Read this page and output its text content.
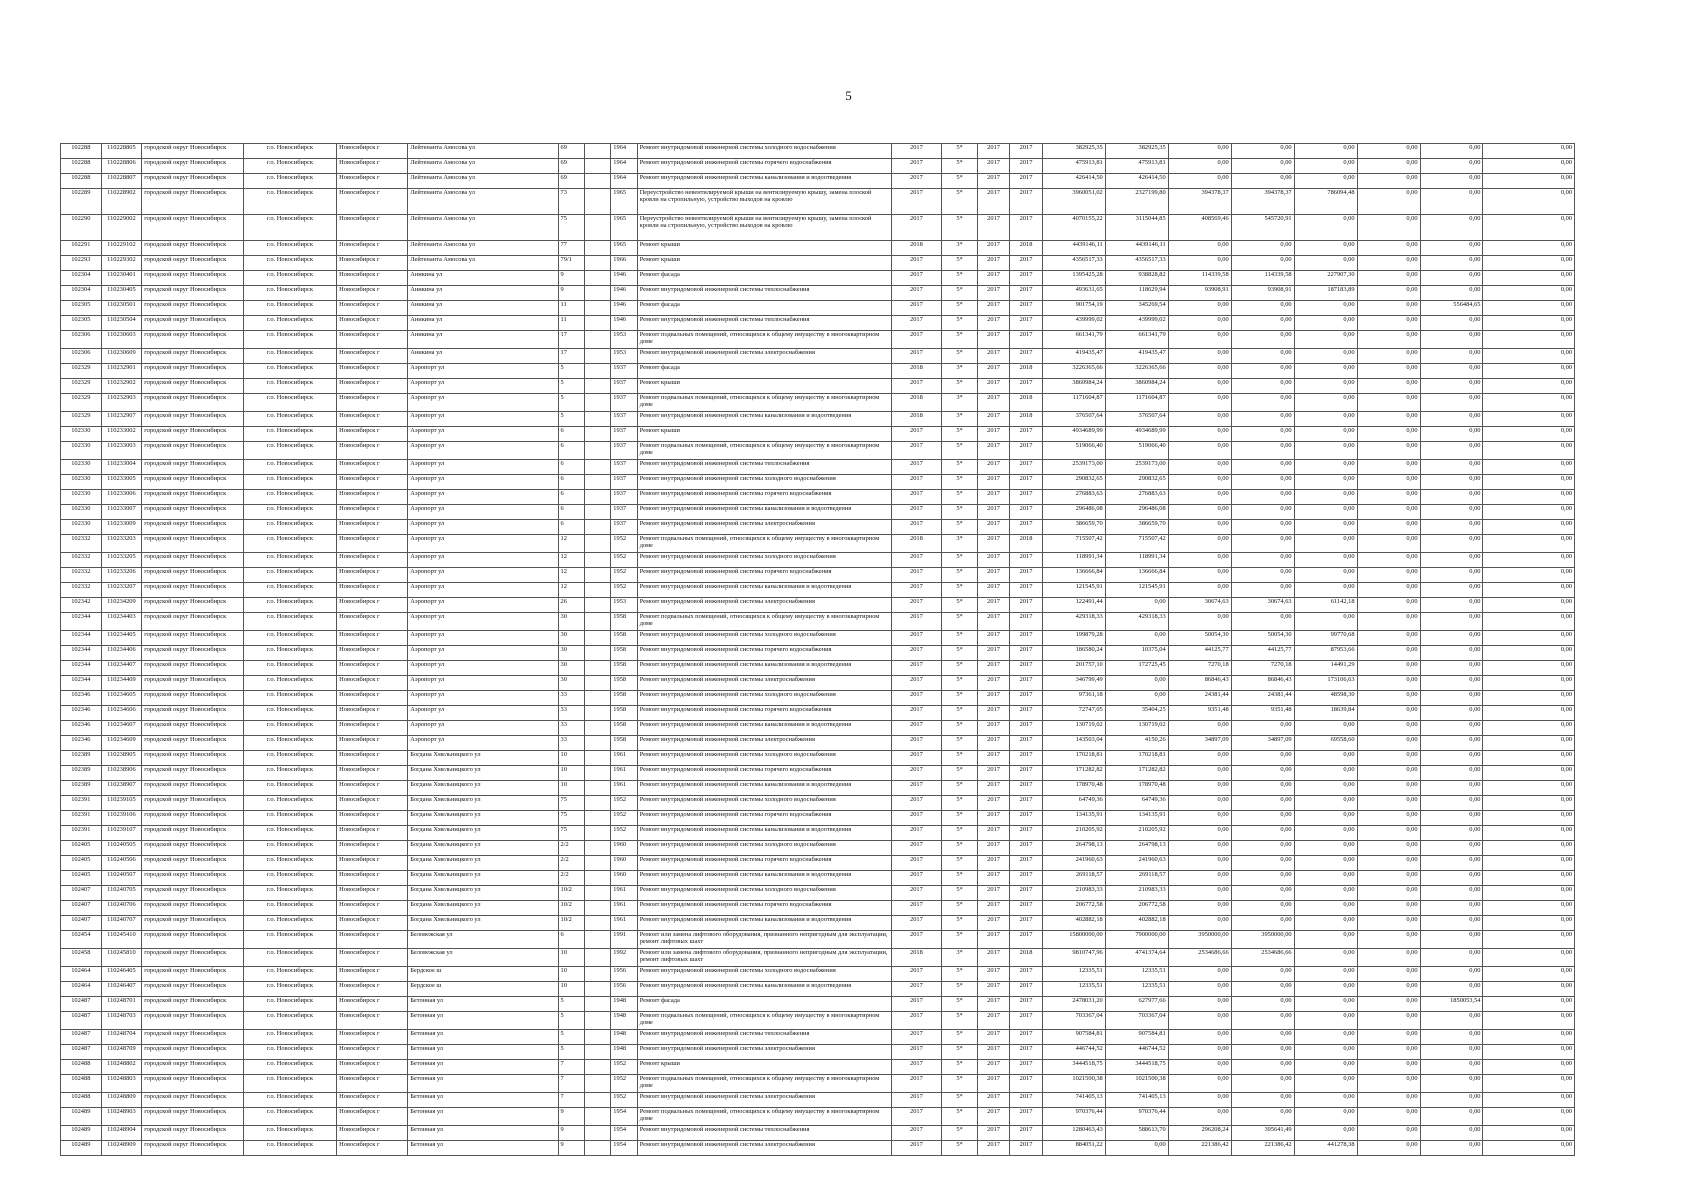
5
102288	110228805	городской округ Новосибирск	г.о. Новосибирск	Новосибирск г	Лейтенанта Амосова ул	69		1964	Ремонт внутридомовой инженерной системы холодного водоснабжения	2017	5*	2017	2017	382925,35	382925,35	0,00	0,00	0,00	0,00	0,00	0,00
102288	110228806	городской округ Новосибирск	г.о. Новосибирск	Новосибирск г	Лейтенанта Амосова ул	69		1964	Ремонт внутридомовой инженерной системы горячего водоснабжения	2017	5*	2017	2017	475913,81	475913,81	0,00	0,00	0,00	0,00	0,00	0,00
102288	110228807	городской округ Новосибирск	г.о. Новосибирск	Новосибирск г	Лейтенанта Амосова ул	69		1964	Ремонт внутридомовой инженерной системы канализования и водоотведения	2017	5*	2017	2017	426414,50	426414,50	0,00	0,00	0,00	0,00	0,00	0,00
102289	110228902	городской округ Новосибирск	г.о. Новосибирск	Новосибирск г	Лейтенанта Амосова ул	73		1965	Переустройство невентилируемой крыши на вентилируемую крышу, замена плоской кровли на стропильную, устройство выходов на кровлю	2017	5*	2017	2017	3960051,02	2327199,80	394378,37	394378,37	786094,48	0,00	0,00	0,00
102290	110229002	городской округ Новосибирск	г.о. Новосибирск	Новосибирск г	Лейтенанта Амосова ул	75		1965	Переустройство невентилируемой крыши на вентилируемую крышу, замена плоской кровли на стропильную, устройство выходов на кровлю	2017	5*	2017	2017	4070155,22	3115044,85	408569,46	545720,91	0,00	0,00	0,00	0,00
102291	110229102	городской округ Новосибирск	г.о. Новосибирск	Новосибирск г	Лейтенанта Амосова ул	77		1965	Ремонт крыши	2018	3*	2017	2018	4439146,11	4439146,11	0,00	0,00	0,00	0,00	0,00	0,00
102293	110229302	городской округ Новосибирск	г.о. Новосибирск	Новосибирск г	Лейтенанта Амосова ул	79/1		1966	Ремонт крыши	2017	5*	2017	2017	4356517,33	4356517,33	0,00	0,00	0,00	0,00	0,00	0,00
102304	110230401	городской округ Новосибирск	г.о. Новосибирск	Новосибирск г	Аникина ул	9		1946	Ремонт фасада	2017	5*	2017	2017	1395425,28	938828,82	114339,58	114339,58	227907,30	0,00	0,00	0,00
102304	110230405	городской округ Новосибирск	г.о. Новосибирск	Новосибирск г	Аникина ул	9		1946	Ремонт внутридомовой инженерной системы теплоснабжения	2017	5*	2017	2017	493631,65	118629,94	93908,91	93908,91	187183,89	0,00	0,00	0,00
102305	110230501	городской округ Новосибирск	г.о. Новосибирск	Новосибирск г	Аникина ул	11		1946	Ремонт фасада	2017	5*	2017	2017	901754,19	345269,54	0,00	0,00	0,00	0,00	556484,65	0,00
102305	110230504	городской округ Новосибирск	г.о. Новосибирск	Новосибирск г	Аникина ул	11		1946	Ремонт внутридомовой инженерной системы теплоснабжения	2017	5*	2017	2017	439999,02	439999,02	0,00	0,00	0,00	0,00	0,00	0,00
102306	110230603	городской округ Новосибирск	г.о. Новосибирск	Новосибирск г	Аникина ул	17		1953	Ремонт подвальных помещений, относящихся к общему имуществу в многоквартирном доме	2017	5*	2017	2017	661341,79	661341,79	0,00	0,00	0,00	0,00	0,00	0,00
102306	110230609	городской округ Новосибирск	г.о. Новосибирск	Новосибирск г	Аникина ул	17		1953	Ремонт внутридомовой инженерной системы электроснабжения	2017	5*	2017	2017	419435,47	419435,47	0,00	0,00	0,00	0,00	0,00	0,00
102329	110232901	городской округ Новосибирск	г.о. Новосибирск	Новосибирск г	Аэропорт ул	5		1937	Ремонт фасада	2018	3*	2017	2018	3226365,66	3226365,66	0,00	0,00	0,00	0,00	0,00	0,00
102329	110232902	городской округ Новосибирск	г.о. Новосибирск	Новосибирск г	Аэропорт ул	5		1937	Ремонт крыши	2017	5*	2017	2017	3860984,24	3860984,24	0,00	0,00	0,00	0,00	0,00	0,00
102329	110232903	городской округ Новосибирск	г.о. Новосибирск	Новосибирск г	Аэропорт ул	5		1937	Ремонт подвальных помещений, относящихся к общему имуществу в многоквартирном доме	2018	3*	2017	2018	1171604,87	1171604,87	0,00	0,00	0,00	0,00	0,00	0,00
102329	110232907	городской округ Новосибирск	г.о. Новосибирск	Новосибирск г	Аэропорт ул	5		1937	Ремонт внутридомовой инженерной системы канализования и водоотведения	2018	3*	2017	2018	376507,64	376507,64	0,00	0,00	0,00	0,00	0,00	0,00
102330	110233002	городской округ Новосибирск	г.о. Новосибирск	Новосибирск г	Аэропорт ул	6		1937	Ремонт крыши	2017	5*	2017	2017	4934689,99	4934689,99	0,00	0,00	0,00	0,00	0,00	0,00
102330	110233003	городской округ Новосибирск	г.о. Новосибирск	Новосибирск г	Аэропорт ул	6		1937	Ремонт подвальных помещений, относящихся к общему имуществу в многоквартирном доме	2017	5*	2017	2017	519066,40	519066,40	0,00	0,00	0,00	0,00	0,00	0,00
102330	110233004	городской округ Новосибирск	г.о. Новосибирск	Новосибирск г	Аэропорт ул	6		1937	Ремонт внутридомовой инженерной системы теплоснабжения	2017	5*	2017	2017	2539173,00	2539173,00	0,00	0,00	0,00	0,00	0,00	0,00
102330	110233005	городской округ Новосибирск	г.о. Новосибирск	Новосибирск г	Аэропорт ул	6		1937	Ремонт внутридомовой инженерной системы холодного водоснабжения	2017	5*	2017	2017	290832,65	290832,65	0,00	0,00	0,00	0,00	0,00	0,00
102330	110233006	городской округ Новосибирск	г.о. Новосибирск	Новосибирск г	Аэропорт ул	6		1937	Ремонт внутридомовой инженерной системы горячего водоснабжения	2017	5*	2017	2017	276883,63	276883,63	0,00	0,00	0,00	0,00	0,00	0,00
102330	110233007	городской округ Новосибирск	г.о. Новосибирск	Новосибирск г	Аэропорт ул	6		1937	Ремонт внутридомовой инженерной системы канализования и водоотведения	2017	5*	2017	2017	296486,08	296486,08	0,00	0,00	0,00	0,00	0,00	0,00
102330	110233009	городской округ Новосибирск	г.о. Новосибирск	Новосибирск г	Аэропорт ул	6		1937	Ремонт внутридомовой инженерной системы электроснабжения	2017	5*	2017	2017	386659,70	386659,70	0,00	0,00	0,00	0,00	0,00	0,00
102332	110233203	городской округ Новосибирск	г.о. Новосибирск	Новосибирск г	Аэропорт ул	12		1952	Ремонт подвальных помещений, относящихся к общему имуществу в многоквартирном доме	2018	3*	2017	2018	715507,42	715507,42	0,00	0,00	0,00	0,00	0,00	0,00
102332	110233205	городской округ Новосибирск	г.о. Новосибирск	Новосибирск г	Аэропорт ул	12		1952	Ремонт внутридомовой инженерной системы холодного водоснабжения	2017	5*	2017	2017	118991,34	118991,34	0,00	0,00	0,00	0,00	0,00	0,00
102332	110233206	городской округ Новосибирск	г.о. Новосибирск	Новосибирск г	Аэропорт ул	12		1952	Ремонт внутридомовой инженерной системы горячего водоснабжения	2017	5*	2017	2017	136666,84	136666,84	0,00	0,00	0,00	0,00	0,00	0,00
102332	110233207	городской округ Новосибирск	г.о. Новосибирск	Новосибирск г	Аэропорт ул	12		1952	Ремонт внутридомовой инженерной системы канализования и водоотведения	2017	5*	2017	2017	121545,91	121545,91	0,00	0,00	0,00	0,00	0,00	0,00
102342	110234209	городской округ Новосибирск	г.о. Новосибирск	Новосибирск г	Аэропорт ул	26		1953	Ремонт внутридомовой инженерной системы электроснабжения	2017	5*	2017	2017	122491,44	0,00	30674,63	30674,63	61142,18	0,00	0,00	0,00
102344	110234403	городской округ Новосибирск	г.о. Новосибирск	Новосибирск г	Аэропорт ул	30		1958	Ремонт подвальных помещений, относящихся к общему имуществу в многоквартирном доме	2017	5*	2017	2017	429318,33	429318,33	0,00	0,00	0,00	0,00	0,00	0,00
102344	110234405	городской округ Новосибирск	г.о. Новосибирск	Новосибирск г	Аэропорт ул	30		1958	Ремонт внутридомовой инженерной системы холодного водоснабжения	2017	5*	2017	2017	199879,28	0,00	50054,30	50054,30	99770,68	0,00	0,00	0,00
102344	110234406	городской округ Новосибирск	г.о. Новосибирск	Новосибирск г	Аэропорт ул	30		1958	Ремонт внутридомовой инженерной системы горячего водоснабжения	2017	5*	2017	2017	186580,24	10375,04	44125,77	44125,77	87953,66	0,00	0,00	0,00
102344	110234407	городской округ Новосибирск	г.о. Новосибирск	Новосибирск г	Аэропорт ул	30		1958	Ремонт внутридомовой инженерной системы канализования и водоотведения	2017	5*	2017	2017	201757,10	172725,45	7270,18	7270,18	14491,29	0,00	0,00	0,00
102344	110234409	городской округ Новосибирск	г.о. Новосибирск	Новосибирск г	Аэропорт ул	30		1958	Ремонт внутридомовой инженерной системы электроснабжения	2017	5*	2017	2017	346799,49	0,00	86846,43	86846,43	173106,63	0,00	0,00	0,00
102346	110234605	городской округ Новосибирск	г.о. Новосибирск	Новосибирск г	Аэропорт ул	33		1958	Ремонт внутридомовой инженерной системы холодного водоснабжения	2017	5*	2017	2017	97361,18	0,00	24381,44	24381,44	48598,30	0,00	0,00	0,00
102346	110234606	городской округ Новосибирск	г.о. Новосибирск	Новосибирск г	Аэропорт ул	33		1958	Ремонт внутридомовой инженерной системы горячего водоснабжения	2017	5*	2017	2017	72747,05	35404,25	9351,48	9351,48	18639,84	0,00	0,00	0,00
102346	110234607	городской округ Новосибирск	г.о. Новосибирск	Новосибирск г	Аэропорт ул	33		1958	Ремонт внутридомовой инженерной системы канализования и водоотведения	2017	5*	2017	2017	130719,02	130719,02	0,00	0,00	0,00	0,00	0,00	0,00
102346	110234609	городской округ Новосибирск	г.о. Новосибирск	Новосибирск г	Аэропорт ул	33		1958	Ремонт внутридомовой инженерной системы электроснабжения	2017	5*	2017	2017	143503,04	4150,26	34897,09	34897,09	69558,60	0,00	0,00	0,00
102389	110238905	городской округ Новосибирск	г.о. Новосибирск	Новосибирск г	Богдана Хмельницкого ул	10		1961	Ремонт внутридомовой инженерной системы холодного водоснабжения	2017	5*	2017	2017	170218,81	170218,81	0,00	0,00	0,00	0,00	0,00	0,00
102389	110238906	городской округ Новосибирск	г.о. Новосибирск	Новосибирск г	Богдана Хмельницкого ул	10		1961	Ремонт внутридомовой инженерной системы горячего водоснабжения	2017	5*	2017	2017	171282,82	171282,82	0,00	0,00	0,00	0,00	0,00	0,00
102389	110238907	городской округ Новосибирск	г.о. Новосибирск	Новосибирск г	Богдана Хмельницкого ул	10		1961	Ремонт внутридомовой инженерной системы канализования и водоотведения	2017	5*	2017	2017	178970,48	178970,48	0,00	0,00	0,00	0,00	0,00	0,00
102391	110239105	городской округ Новосибирск	г.о. Новосибирск	Новосибирск г	Богдана Хмельницкого ул	75		1952	Ремонт внутридомовой инженерной системы холодного водоснабжения	2017	5*	2017	2017	64749,36	64749,36	0,00	0,00	0,00	0,00	0,00	0,00
102391	110239106	городской округ Новосибирск	г.о. Новосибирск	Новосибирск г	Богдана Хмельницкого ул	75		1952	Ремонт внутридомовой инженерной системы горячего водоснабжения	2017	5*	2017	2017	134135,91	134135,91	0,00	0,00	0,00	0,00	0,00	0,00
102391	110239107	городской округ Новосибирск	г.о. Новосибирск	Новосибирск г	Богдана Хмельницкого ул	75		1952	Ремонт внутридомовой инженерной системы канализования и водоотведения	2017	5*	2017	2017	210205,92	210205,92	0,00	0,00	0,00	0,00	0,00	0,00
102405	110240505	городской округ Новосибирск	г.о. Новосибирск	Новосибирск г	Богдана Хмельницкого ул	2/2		1960	Ремонт внутридомовой инженерной системы холодного водоснабжения	2017	5*	2017	2017	264798,13	264798,13	0,00	0,00	0,00	0,00	0,00	0,00
102405	110240506	городской округ Новосибирск	г.о. Новосибирск	Новосибирск г	Богдана Хмельницкого ул	2/2		1960	Ремонт внутридомовой инженерной системы горячего водоснабжения	2017	5*	2017	2017	241960,63	241960,63	0,00	0,00	0,00	0,00	0,00	0,00
102405	110240507	городской округ Новосибирск	г.о. Новосибирск	Новосибирск г	Богдана Хмельницкого ул	2/2		1960	Ремонт внутридомовой инженерной системы канализования и водоотведения	2017	5*	2017	2017	269118,57	269118,57	0,00	0,00	0,00	0,00	0,00	0,00
102407	110240705	городской округ Новосибирск	г.о. Новосибирск	Новосибирск г	Богдана Хмельницкого ул	10/2		1961	Ремонт внутридомовой инженерной системы холодного водоснабжения	2017	5*	2017	2017	210983,33	210983,33	0,00	0,00	0,00	0,00	0,00	0,00
102407	110240706	городской округ Новосибирск	г.о. Новосибирск	Новосибирск г	Богдана Хмельницкого ул	10/2		1961	Ремонт внутридомовой инженерной системы горячего водоснабжения	2017	5*	2017	2017	206772,58	206772,58	0,00	0,00	0,00	0,00	0,00	0,00
102407	110240707	городской округ Новосибирск	г.о. Новосибирск	Новосибирск г	Богдана Хмельницкого ул	10/2		1961	Ремонт внутридомовой инженерной системы канализования и водоотведения	2017	5*	2017	2017	402882,18	402882,18	0,00	0,00	0,00	0,00	0,00	0,00
102454	110245410	городской округ Новосибирск	г.о. Новосибирск	Новосибирск г	Беловежская ул	6		1991	Ремонт или замена лифтового оборудования, признанного непригодным для эксплуатации, ремонт лифтовых шахт	2017	5*	2017	2017	15800000,00	7900000,00	3950000,00	3950000,00	0,00	0,00	0,00	0,00
102458	110245810	городской округ Новосибирск	г.о. Новосибирск	Новосибирск г	Беловежская ул	10		1992	Ремонт или замена лифтового оборудования, признанного непригодным для эксплуатации, ремонт лифтовых шахт	2018	3*	2017	2018	9810747,96	4741374,64	2534686,66	2534686,66	0,00	0,00	0,00	0,00
102464	110246405	городской округ Новосибирск	г.о. Новосибирск	Новосибирск г	Бердское ш	10		1956	Ремонт внутридомовой инженерной системы холодного водоснабжения	2017	5*	2017	2017	12335,51	12335,51	0,00	0,00	0,00	0,00	0,00	0,00
102464	110246407	городской округ Новосибирск	г.о. Новосибирск	Новосибирск г	Бердское ш	10		1956	Ремонт внутридомовой инженерной системы канализования и водоотведения	2017	5*	2017	2017	12335,51	12335,51	0,00	0,00	0,00	0,00	0,00	0,00
102487	110248701	городской округ Новосибирск	г.о. Новосибирск	Новосибирск г	Бетонная ул	5		1948	Ремонт фасада	2017	5*	2017	2017	2478031,20	627977,66	0,00	0,00	0,00	0,00	1850053,54	0,00
102487	110248703	городской округ Новосибирск	г.о. Новосибирск	Новосибирск г	Бетонная ул	5		1948	Ремонт подвальных помещений, относящихся к общему имуществу в многоквартирном доме	2017	5*	2017	2017	703367,04	703367,04	0,00	0,00	0,00	0,00	0,00	0,00
102487	110248704	городской округ Новосибирск	г.о. Новосибирск	Новосибирск г	Бетонная ул	5		1948	Ремонт внутридомовой инженерной системы теплоснабжения	2017	5*	2017	2017	907584,81	907584,81	0,00	0,00	0,00	0,00	0,00	0,00
102487	110248709	городской округ Новосибирск	г.о. Новосибирск	Новосибирск г	Бетонная ул	5		1948	Ремонт внутридомовой инженерной системы электроснабжения	2017	5*	2017	2017	446744,52	446744,52	0,00	0,00	0,00	0,00	0,00	0,00
102488	110248802	городской округ Новосибирск	г.о. Новосибирск	Новосибирск г	Бетонная ул	7		1952	Ремонт крыши	2017	5*	2017	2017	3444518,75	3444518,75	0,00	0,00	0,00	0,00	0,00	0,00
102488	110248803	городской округ Новосибирск	г.о. Новосибирск	Новосибирск г	Бетонная ул	7		1952	Ремонт подвальных помещений, относящихся к общему имуществу в многоквартирном доме	2017	5*	2017	2017	1021500,38	1021500,38	0,00	0,00	0,00	0,00	0,00	0,00
102488	110248809	городской округ Новосибирск	г.о. Новосибирск	Новосибирск г	Бетонная ул	7		1952	Ремонт внутридомовой инженерной системы электроснабжения	2017	5*	2017	2017	741405,13	741405,13	0,00	0,00	0,00	0,00	0,00	0,00
102489	110248903	городской округ Новосибирск	г.о. Новосибирск	Новосибирск г	Бетонная ул	9		1954	Ремонт подвальных помещений, относящихся к общему имуществу в многоквартирном доме	2017	5*	2017	2017	970376,44	970376,44	0,00	0,00	0,00	0,00	0,00	0,00
102489	110248904	городской округ Новосибирск	г.о. Новосибирск	Новосибирск г	Бетонная ул	9		1954	Ремонт внутридомовой инженерной системы теплоснабжения	2017	5*	2017	2017	1280463,43	588613,70	296208,24	395641,49	0,00	0,00	0,00	0,00
102489	110248909	городской округ Новосибирск	г.о. Новосибирск	Новосибирск г	Бетонная ул	9		1954	Ремонт внутридомовой инженерной системы электроснабжения	2017	5*	2017	2017	884051,22	0,00	221386,42	221386,42	441278,38	0,00	0,00	0,00
